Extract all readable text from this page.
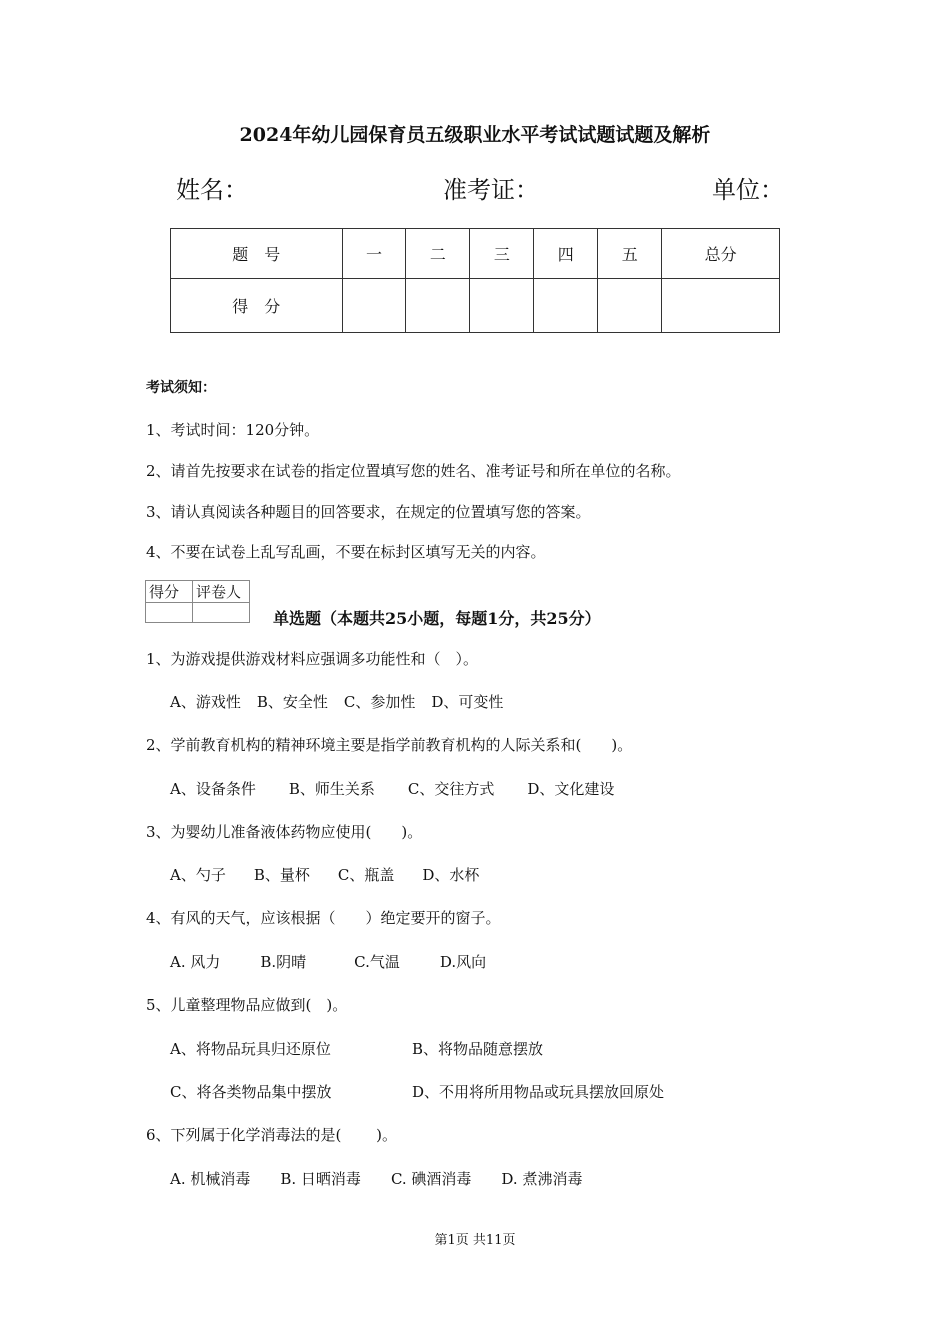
2024年幼儿园保育员五级职业水平考试试题试题及解析
姓名：	准考证：	单位：
题　号	一	二	三	四	五	总分
得　分						
考试须知：
1、考试时间：120分钟。
2、请首先按要求在试卷的指定位置填写您的姓名、准考证号和所在单位的名称。
3、请认真阅读各种题目的回答要求，在规定的位置填写您的答案。
4、不要在试卷上乱写乱画，不要在标封区填写无关的内容。
得分	评卷人

单选题（本题共25小题，每题1分，共25分）
1、为游戏提供游戏材料应强调多功能性和（　）。
A、游戏性 B、安全性 C、参加性 D、可变性
2、学前教育机构的精神环境主要是指学前教育机构的人际关系和(　　)。
A、设备条件 B、师生关系 C、交往方式 D、文化建设
3、为婴幼儿准备液体药物应使用(　　)。
A、勺子 B、量杯 C、瓶盖 D、水杯
4、有风的天气，应该根据（　　）绝定要开的窗子。
A. 风力	B.阴晴	C.气温	D.风向
5、儿童整理物品应做到(　)。
A、将物品玩具归还原位	B、将物品随意摆放
C、将各类物品集中摆放	D、不用将所用物品或玩具摆放回原处
6、下列属于化学消毒法的是(　　 )。
A. 机械消毒 B. 日晒消毒 C. 碘酒消毒 D. 煮沸消毒
第1页 共11页
